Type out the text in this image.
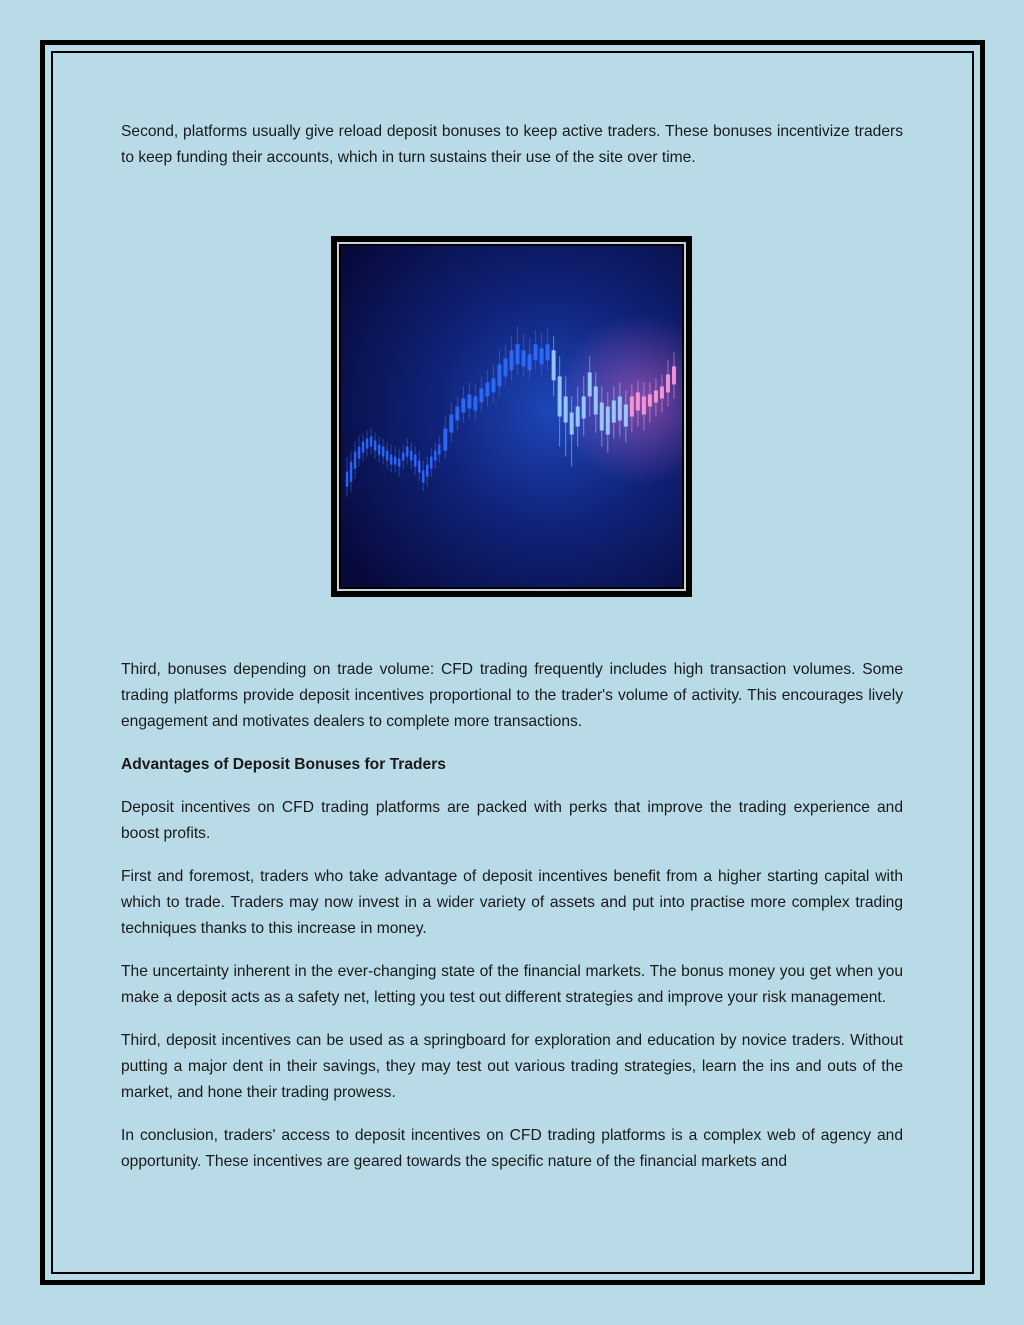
Second, platforms usually give reload deposit bonuses to keep active traders. These bonuses incentivize traders to keep funding their accounts, which in turn sustains their use of the site over time.

Third, bonuses depending on trade volume: CFD trading frequently includes high transaction volumes. Some trading platforms provide deposit incentives proportional to the trader's volume of activity. This encourages lively engagement and motivates dealers to complete more transactions.

Advantages of Deposit Bonuses for Traders

Deposit incentives on CFD trading platforms are packed with perks that improve the trading experience and boost profits.

First and foremost, traders who take advantage of deposit incentives benefit from a higher starting capital with which to trade. Traders may now invest in a wider variety of assets and put into practise more complex trading techniques thanks to this increase in money.

The uncertainty inherent in the ever-changing state of the financial markets. The bonus money you get when you make a deposit acts as a safety net, letting you test out different strategies and improve your risk management.

Third, deposit incentives can be used as a springboard for exploration and education by novice traders. Without putting a major dent in their savings, they may test out various trading strategies, learn the ins and outs of the market, and hone their trading prowess.

In conclusion, traders' access to deposit incentives on CFD trading platforms is a complex web of agency and opportunity. These incentives are geared towards the specific nature of the financial markets and
